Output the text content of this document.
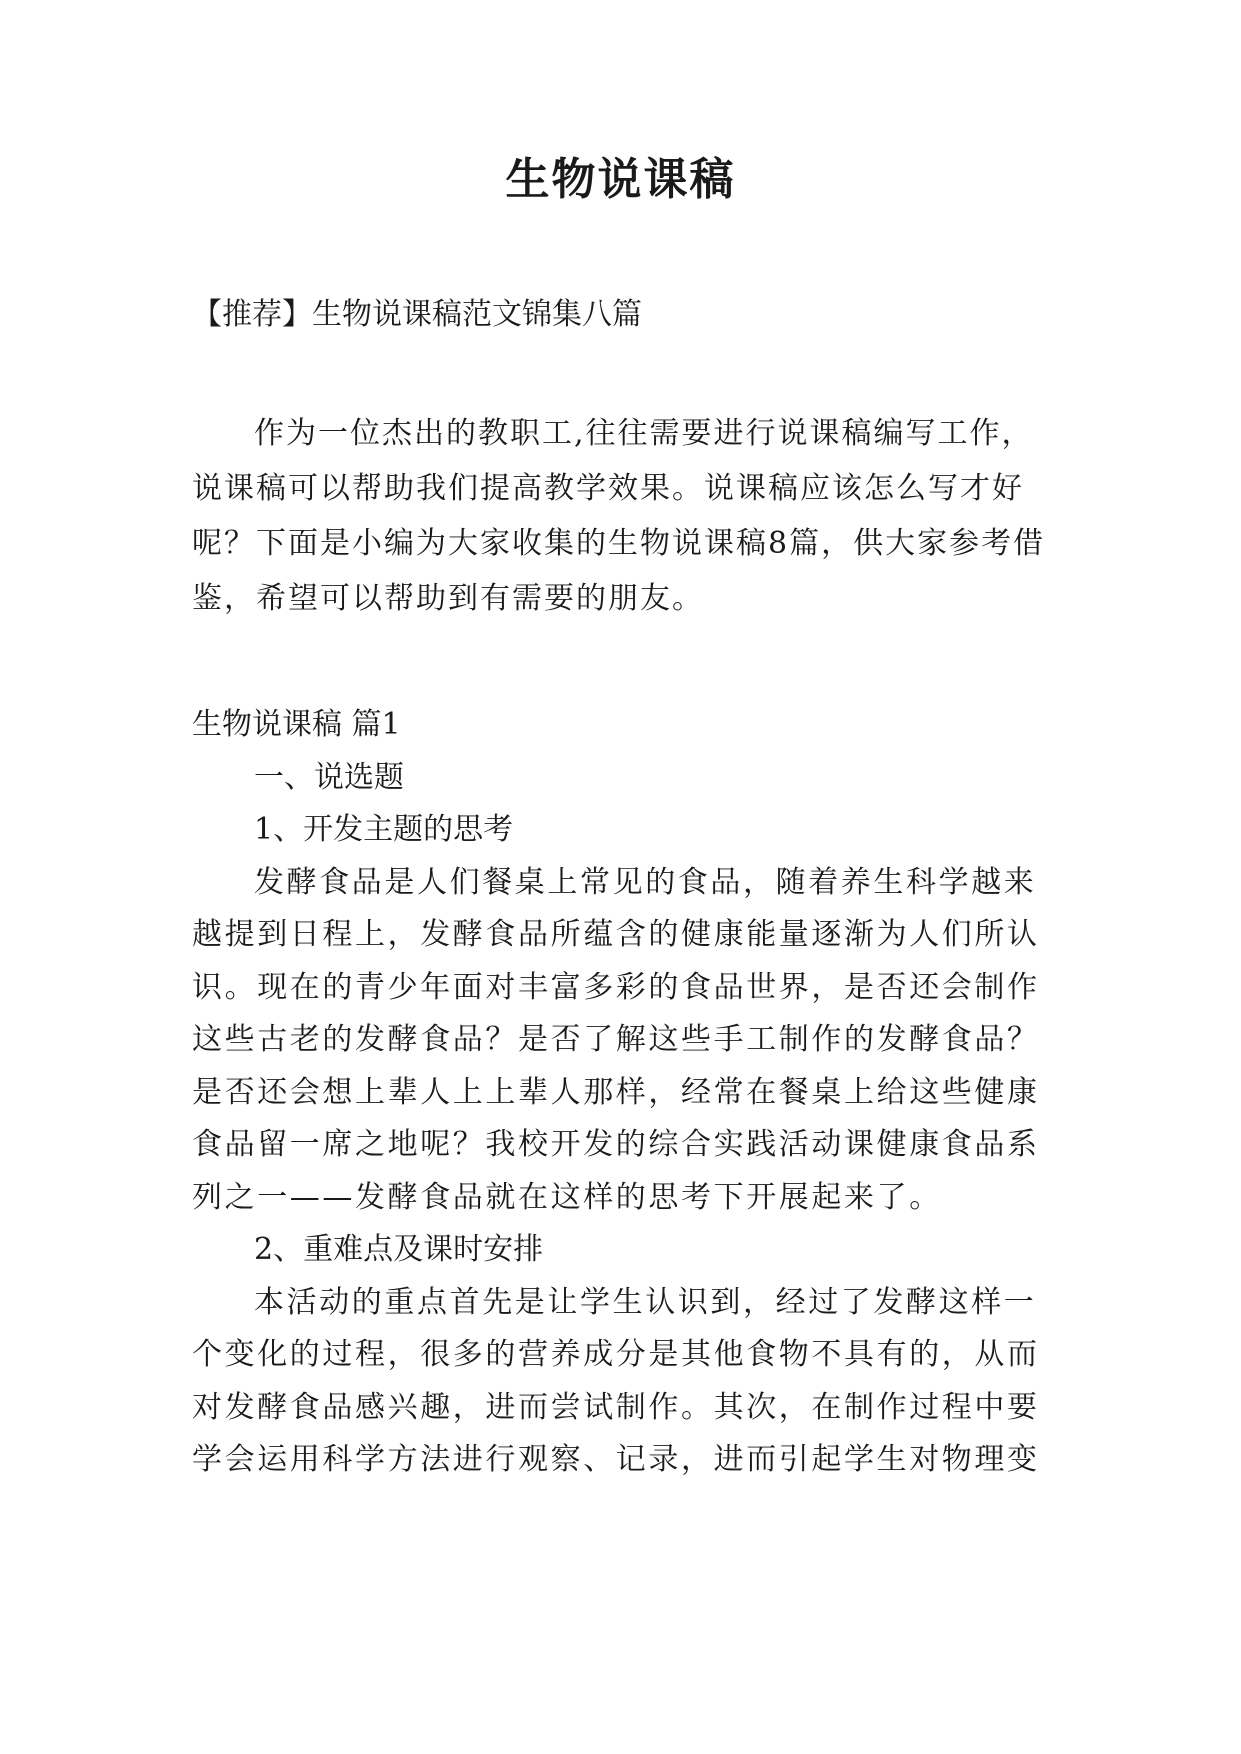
生物说课稿
【推荐】生物说课稿范文锦集八篇

作为一位杰出的教职工,往往需要进行说课稿编写工作，说课稿可以帮助我们提高教学效果。说课稿应该怎么写才好呢？下面是小编为大家收集的生物说课稿8篇，供大家参考借鉴，希望可以帮助到有需要的朋友。

生物说课稿 篇1
一、说选题
1、开发主题的思考

发酵食品是人们餐桌上常见的食品，随着养生科学越来越提到日程上，发酵食品所蕴含的健康能量逐渐为人们所认识。现在的青少年面对丰富多彩的食品世界，是否还会制作这些古老的发酵食品？是否了解这些手工制作的发酵食品？是否还会想上辈人上上辈人那样，经常在餐桌上给这些健康食品留一席之地呢？我校开发的综合实践活动课健康食品系列之一——发酵食品就在这样的思考下开展起来了。

2、重难点及课时安排

本活动的重点首先是让学生认识到，经过了发酵这样一个变化的过程，很多的营养成分是其他食物不具有的，从而对发酵食品感兴趣，进而尝试制作。其次，在制作过程中要学会运用科学方法进行观察、记录，进而引起学生对物理变
